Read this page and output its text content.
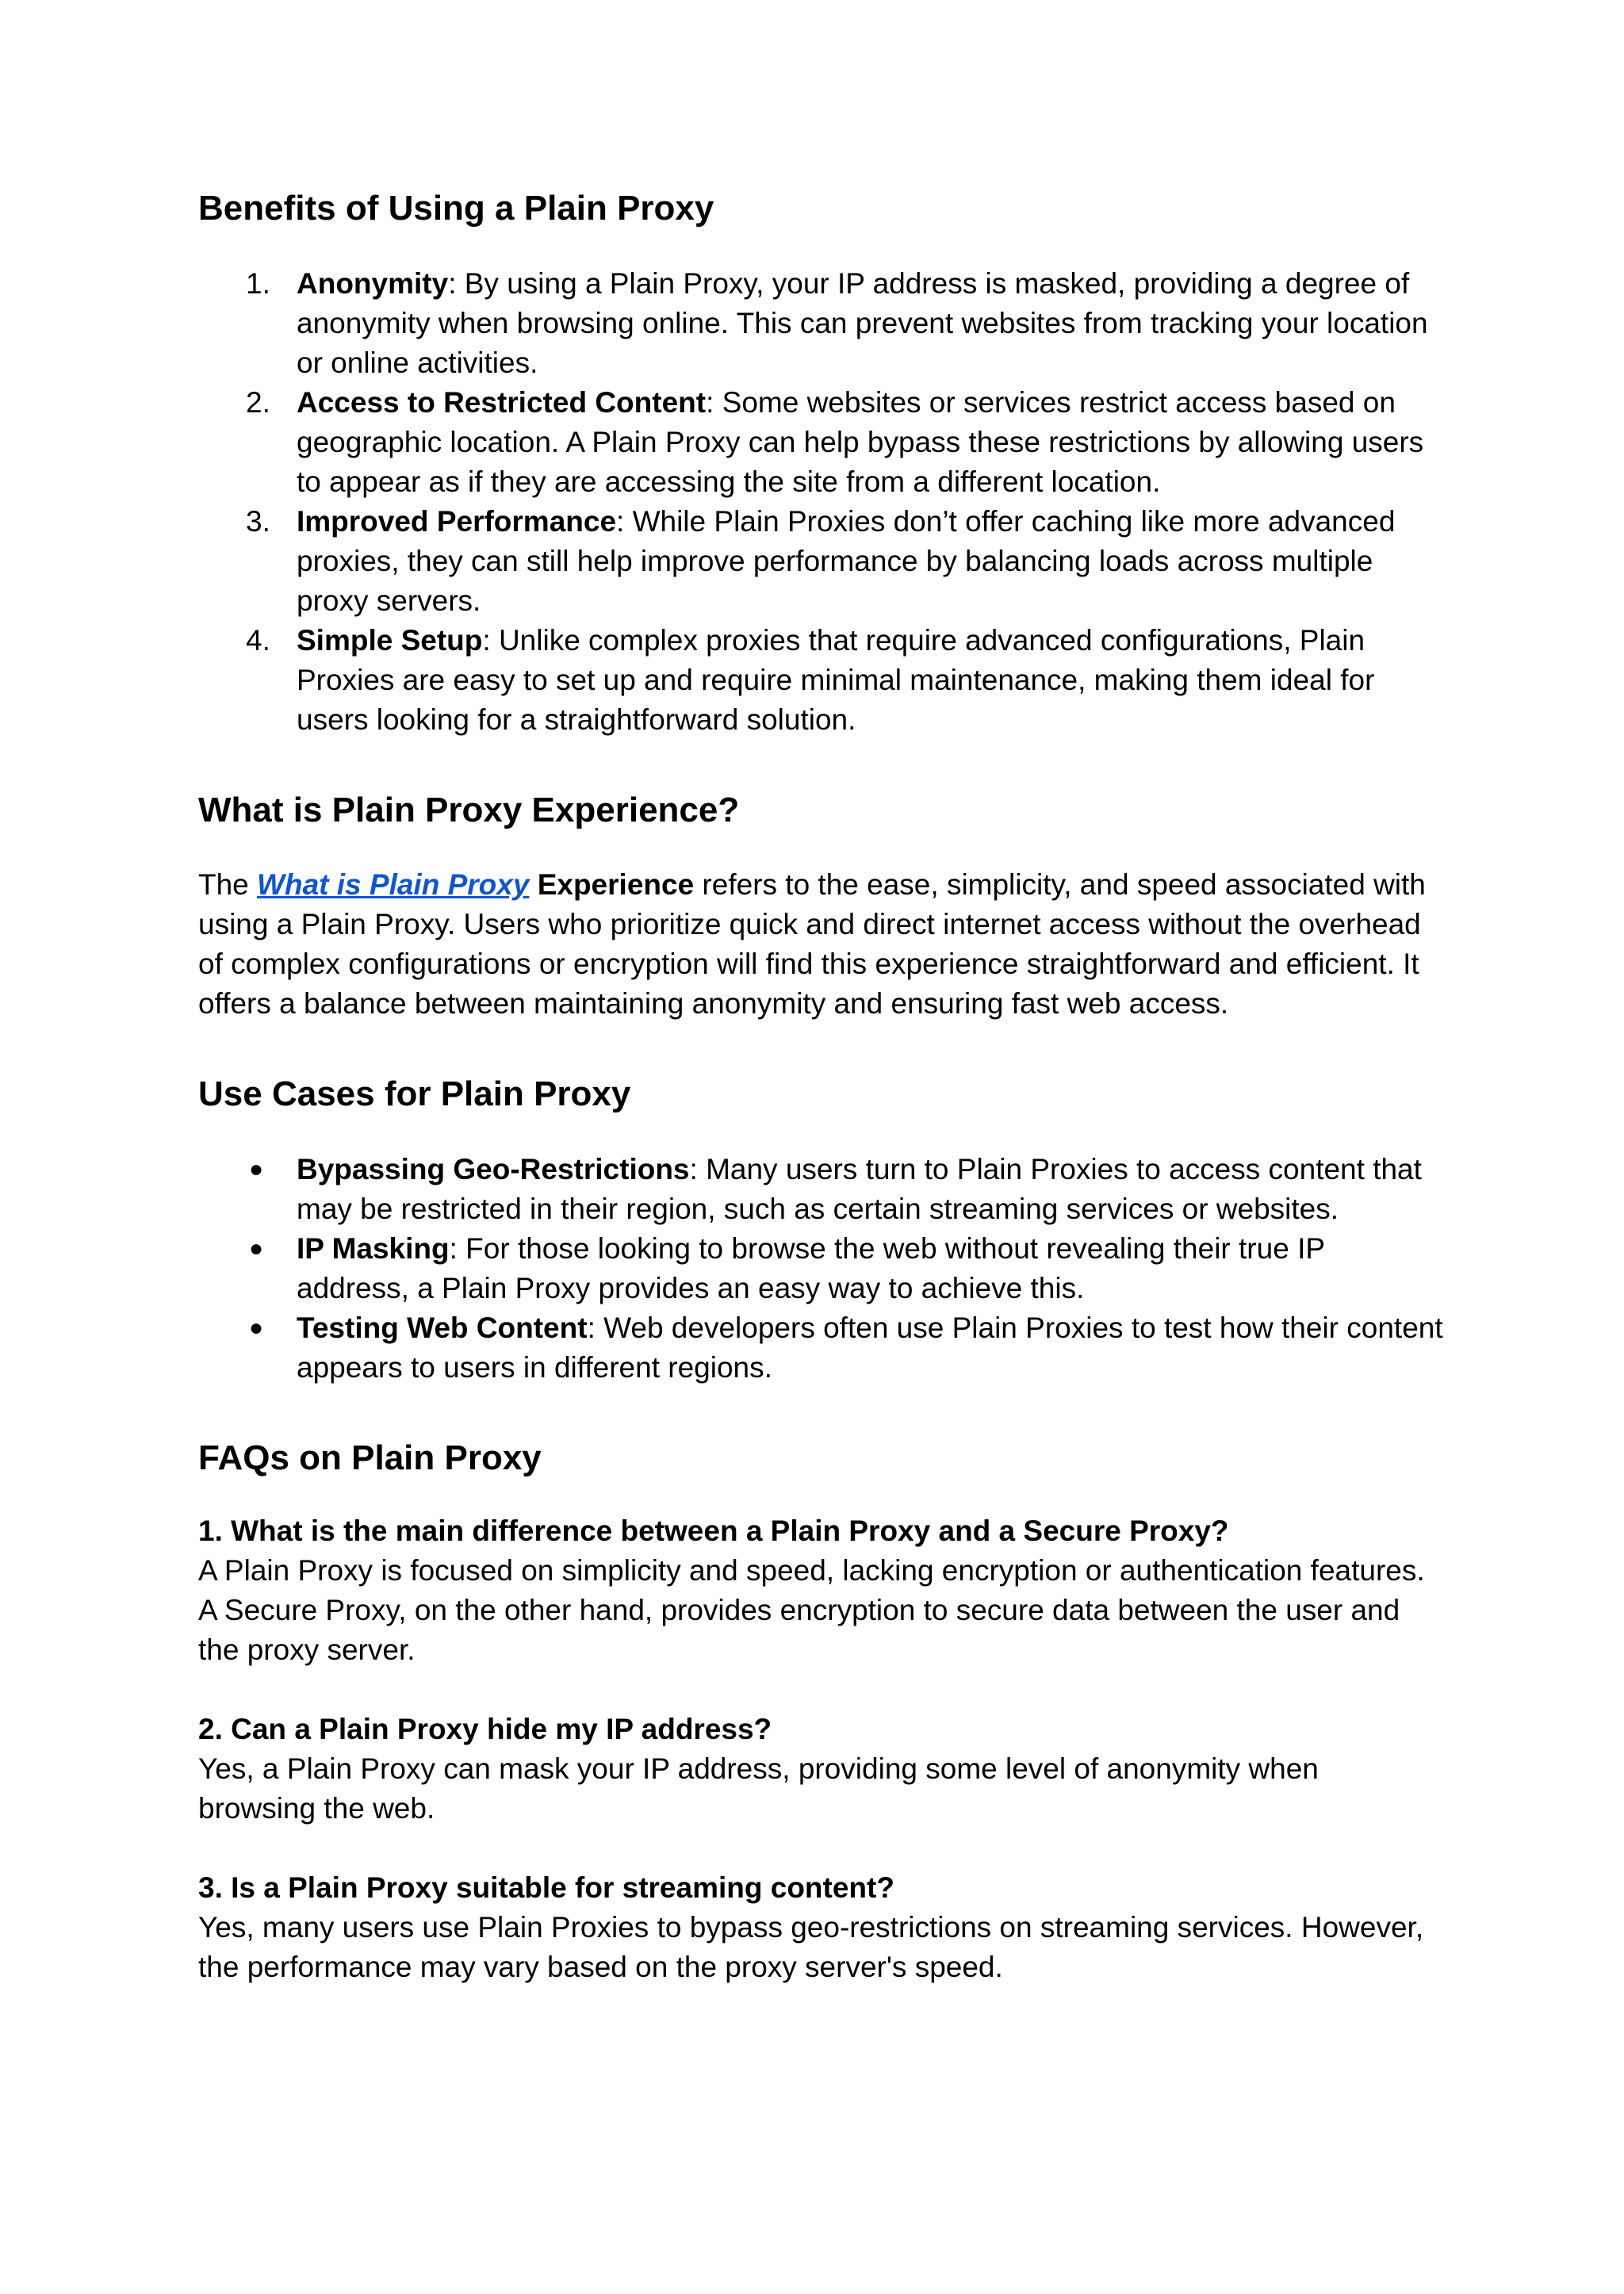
Benefits of Using a Plain Proxy
1. Anonymity: By using a Plain Proxy, your IP address is masked, providing a degree of anonymity when browsing online. This can prevent websites from tracking your location or online activities.
2. Access to Restricted Content: Some websites or services restrict access based on geographic location. A Plain Proxy can help bypass these restrictions by allowing users to appear as if they are accessing the site from a different location.
3. Improved Performance: While Plain Proxies don’t offer caching like more advanced proxies, they can still help improve performance by balancing loads across multiple proxy servers.
4. Simple Setup: Unlike complex proxies that require advanced configurations, Plain Proxies are easy to set up and require minimal maintenance, making them ideal for users looking for a straightforward solution.
What is Plain Proxy Experience?

The What is Plain Proxy Experience refers to the ease, simplicity, and speed associated with using a Plain Proxy. Users who prioritize quick and direct internet access without the overhead of complex configurations or encryption will find this experience straightforward and efficient. It offers a balance between maintaining anonymity and ensuring fast web access.

Use Cases for Plain Proxy
● Bypassing Geo-Restrictions: Many users turn to Plain Proxies to access content that may be restricted in their region, such as certain streaming services or websites.
● IP Masking: For those looking to browse the web without revealing their true IP address, a Plain Proxy provides an easy way to achieve this.
● Testing Web Content: Web developers often use Plain Proxies to test how their content appears to users in different regions.
FAQs on Plain Proxy
1. What is the main difference between a Plain Proxy and a Secure Proxy?

A Plain Proxy is focused on simplicity and speed, lacking encryption or authentication features. A Secure Proxy, on the other hand, provides encryption to secure data between the user and the proxy server.

2. Can a Plain Proxy hide my IP address?

Yes, a Plain Proxy can mask your IP address, providing some level of anonymity when browsing the web.

3. Is a Plain Proxy suitable for streaming content?

Yes, many users use Plain Proxies to bypass geo-restrictions on streaming services. However, the performance may vary based on the proxy server's speed.
